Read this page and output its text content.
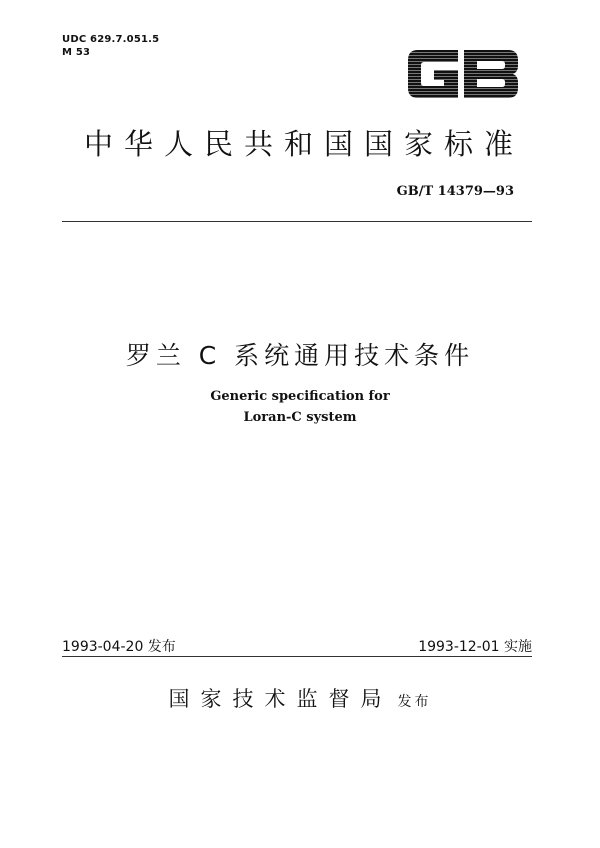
UDC 629.7.051.5
M 53
中华人民共和国国家标准
GB/T 14379—93
罗兰 C 系统通用技术条件
Generic specification for
Loran-C system
1993-04-20 发布	1993-12-01 实施
国家技术监督局 发布
